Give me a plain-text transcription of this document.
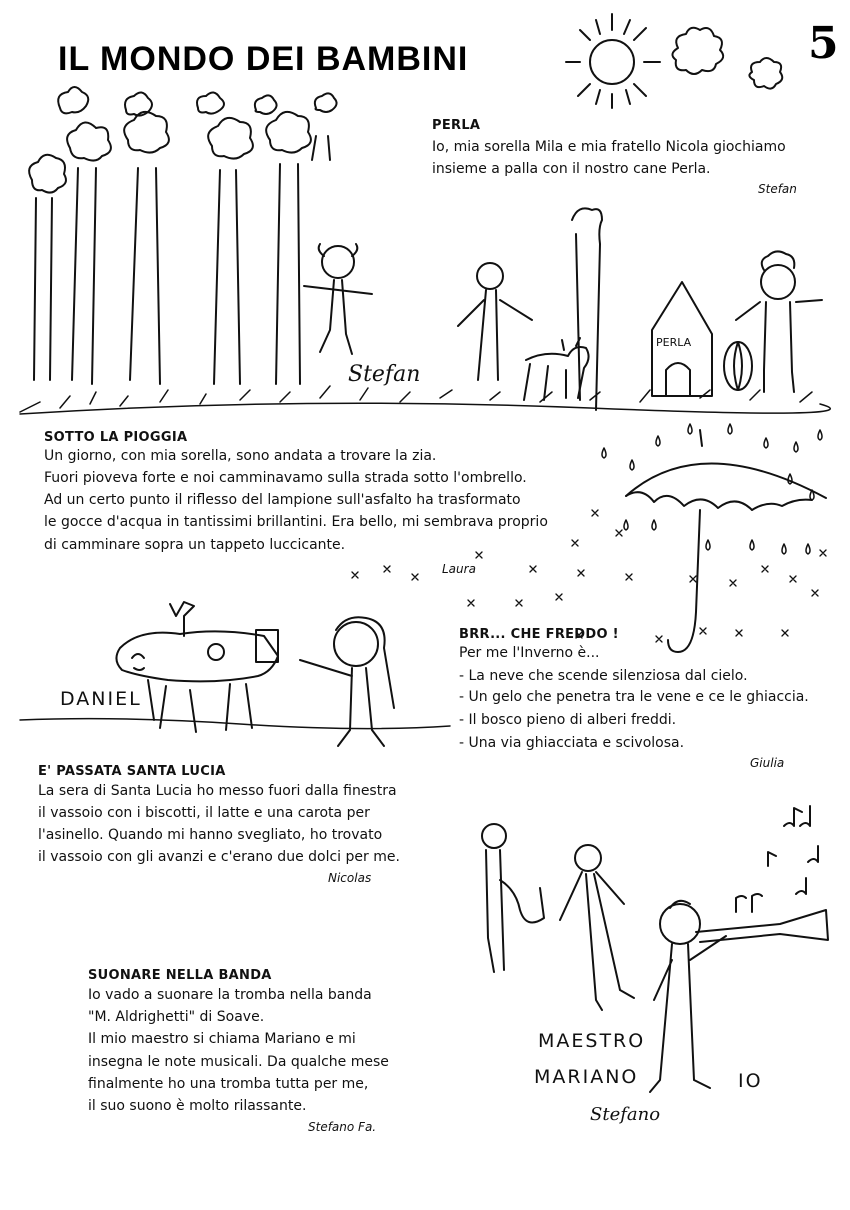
IL MONDO DEI BAMBINI	5
Stefan
PERLA
DANIEL
MAESTRO
MARIANO	IO
Stefano
PERLA
Io, mia sorella Mila e mia fratello Nicola giochiamo
insieme a palla con il nostro cane Perla.
Stefan
SOTTO LA PIOGGIA
Un giorno, con mia sorella, sono andata a trovare la zia.
Fuori pioveva forte e noi camminavamo sulla strada sotto l'ombrello.
Ad un certo punto il riflesso del lampione sull'asfalto ha trasformato
le gocce d'acqua in tantissimi brillantini. Era bello, mi sembrava proprio
di camminare sopra un tappeto luccicante.
Laura
BRR... CHE FREDDO !
Per me l'Inverno è...
- La neve che scende silenziosa dal cielo.
- Un gelo che penetra tra le vene e ce le ghiaccia.
- Il bosco pieno di alberi freddi.
- Una via ghiacciata e scivolosa.
Giulia
E' PASSATA SANTA LUCIA
La sera di Santa Lucia ho messo fuori dalla finestra
il vassoio con i biscotti, il latte e una carota per
l'asinello. Quando mi hanno svegliato, ho trovato
il vassoio con gli avanzi e c'erano due dolci per me.
Nicolas
SUONARE NELLA BANDA
Io vado a suonare la tromba nella banda
"M. Aldrighetti" di Soave.
Il mio maestro si chiama Mariano e mi
insegna le note musicali. Da qualche mese
finalmente ho una tromba tutta per me,
il suo suono è molto rilassante.
Stefano Fa.
